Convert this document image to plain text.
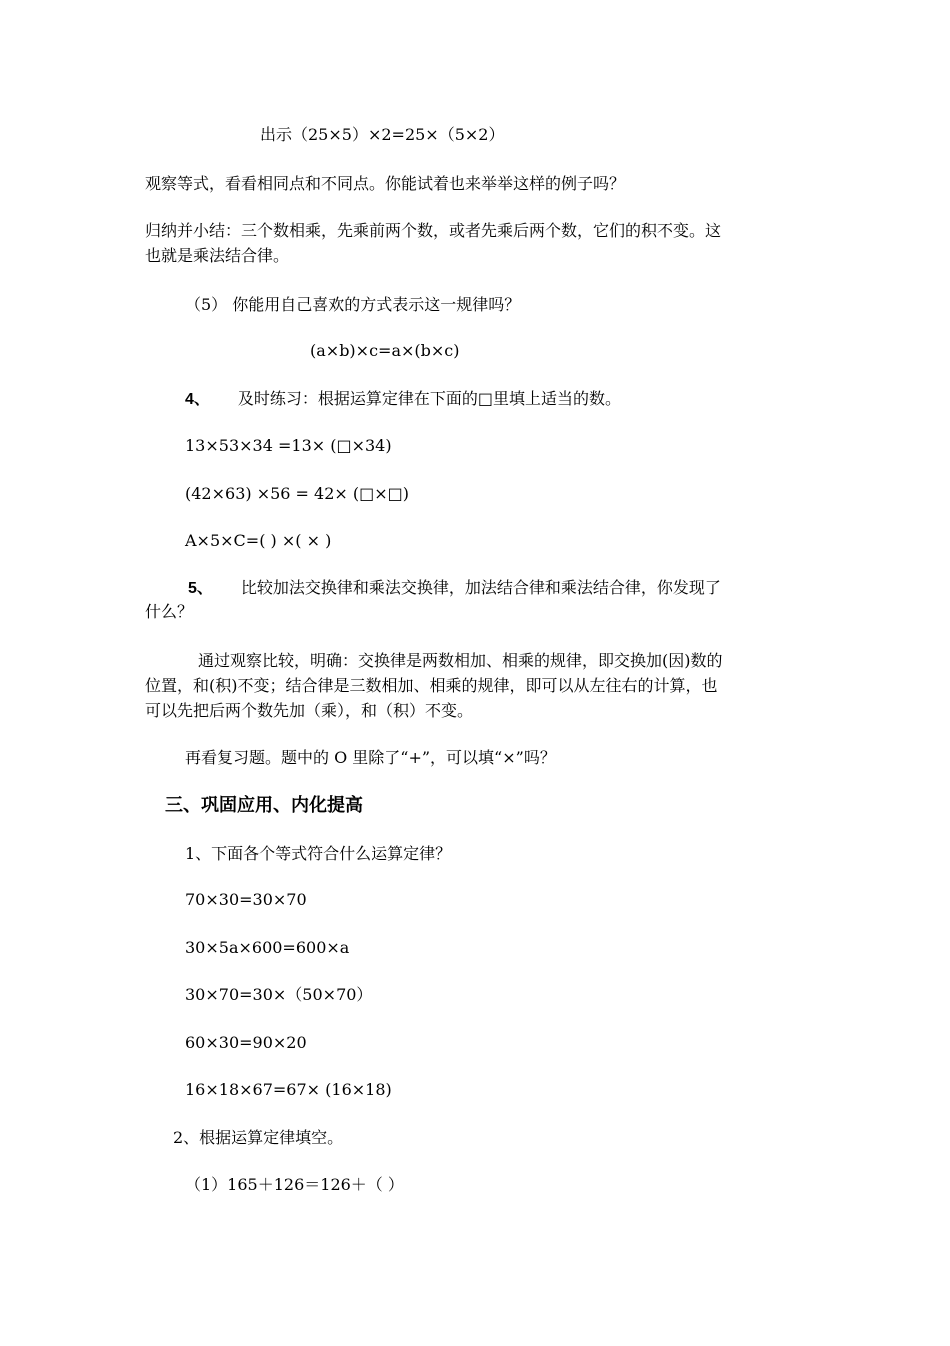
出示（25×5）×2=25×（5×2）
观察等式，看看相同点和不同点。你能试着也来举举这样的例子吗？
归纳并小结：三个数相乘，先乘前两个数，或者先乘后两个数，它们的积不变。这
也就是乘法结合律。
（5） 你能用自己喜欢的方式表示这一规律吗？
(a×b)×c=a×(b×c)
4、 及时练习：根据运算定律在下面的□里填上适当的数。
13×53×34 =13× (□×34)
(42×63) ×56 = 42× (□×□)
A×5×C=( ) ×( × )
5、 比较加法交换律和乘法交换律，加法结合律和乘法结合律，你发现了
什么？
通过观察比较，明确：交换律是两数相加、相乘的规律，即交换加(因)数的
位置，和(积)不变；结合律是三数相加、相乘的规律，即可以从左往右的计算，也
可以先把后两个数先加（乘），和（积）不变。
再看复习题。题中的 O 里除了“+”，可以填“×”吗？
三、巩固应用、内化提高
1、下面各个等式符合什么运算定律？
70×30=30×70
30×5a×600=600×a
30×70=30×（50×70）
60×30=90×20
16×18×67=67× (16×18)
2、根据运算定律填空。
（1）165＋126＝126＋（ ）
